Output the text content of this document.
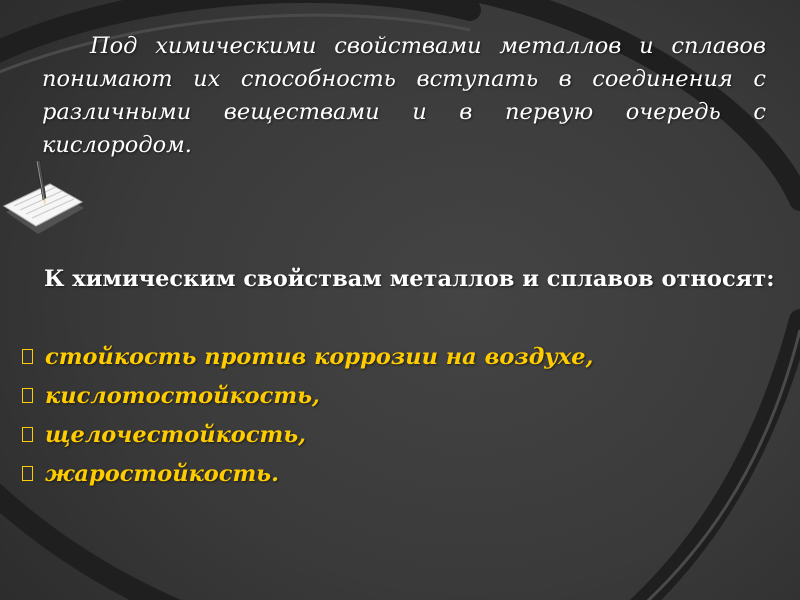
Под химическими свойствами металлов и сплавов понимают их способность вступать в соединения с различными веществами и в первую очередь с кислородом.

К химическим свойствам металлов и сплавов относят:

стойкость против коррозии на воздухе,
кислотостойкость,
щелочестойкость,
жаростойкость.
